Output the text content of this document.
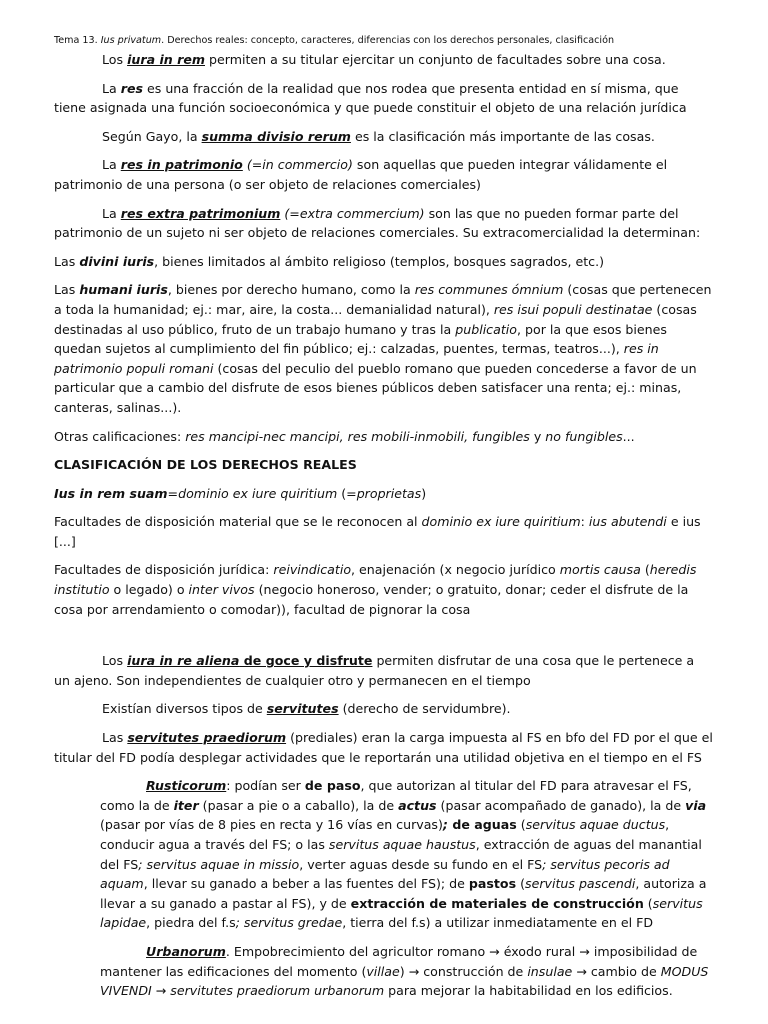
Tema 13. Ius privatum. Derechos reales: concepto, caracteres, diferencias con los derechos personales, clasificación

Los iura in rem permiten a su titular ejercitar un conjunto de facultades sobre una cosa.

La res es una fracción de la realidad que nos rodea que presenta entidad en sí misma, que tiene asignada una función socioeconómica y que puede constituir el objeto de una relación jurídica

Según Gayo, la summa divisio rerum es la clasificación más importante de las cosas.

La res in patrimonio (=in commercio) son aquellas que pueden integrar válidamente el patrimonio de una persona (o ser objeto de relaciones comerciales)

La res extra patrimonium (=extra commercium) son las que no pueden formar parte del patrimonio de un sujeto ni ser objeto de relaciones comerciales. Su extracomercialidad la determinan:

Las divini iuris, bienes limitados al ámbito religioso (templos, bosques sagrados, etc.)

Las humani iuris, bienes por derecho humano, como la res communes ómnium (cosas que pertenecen a toda la humanidad; ej.: mar, aire, la costa... demanialidad natural), res isui populi destinatae (cosas destinadas al uso público, fruto de un trabajo humano y tras la publicatio, por la que esos bienes quedan sujetos al cumplimiento del fin público; ej.: calzadas, puentes, termas, teatros...), res in patrimonio populi romani (cosas del peculio del pueblo romano que pueden concederse a favor de un particular que a cambio del disfrute de esos bienes públicos deben satisfacer una renta; ej.: minas, canteras, salinas...).

Otras calificaciones: res mancipi-nec mancipi, res mobili-inmobili, fungibles y no fungibles...

CLASIFICACIÓN DE LOS DERECHOS REALES

Ius in rem suam=dominio ex iure quiritium (=proprietas)

Facultades de disposición material que se le reconocen al dominio ex iure quiritium: ius abutendi e ius [...]

Facultades de disposición jurídica: reivindicatio, enajenación (x negocio jurídico mortis causa (heredis institutio o legado) o inter vivos (negocio honeroso, vender; o gratuito, donar; ceder el disfrute de la cosa por arrendamiento o comodar)), facultad de pignorar la cosa

Los iura in re aliena de goce y disfrute permiten disfrutar de una cosa que le pertenece a un ajeno. Son independientes de cualquier otro y permanecen en el tiempo

Existían diversos tipos de servitutes (derecho de servidumbre).

Las servitutes praediorum (prediales) eran la carga impuesta al FS en bfo del FD por el que el titular del FD podía desplegar actividades que le reportarán una utilidad objetiva en el tiempo en el FS

Rusticorum: podían ser de paso, que autorizan al titular del FD para atravesar el FS, como la de iter (pasar a pie o a caballo), la de actus (pasar acompañado de ganado), la de via (pasar por vías de 8 pies en recta y 16 vías en curvas); de aguas (servitus aquae ductus, conducir agua a través del FS; o las servitus aquae haustus, extracción de aguas del manantial del FS; servitus aquae in missio, verter aguas desde su fundo en el FS; servitus pecoris ad aquam, llevar su ganado a beber a las fuentes del FS); de pastos (servitus pascendi, autoriza a llevar a su ganado a pastar al FS), y de extracción de materiales de construcción (servitus lapidae, piedra del f.s; servitus gredae, tierra del f.s) a utilizar inmediatamente en el FD

Urbanorum. Empobrecimiento del agricultor romano → éxodo rural → imposibilidad de mantener las edificaciones del momento (villae) → construcción de insulae → cambio de MODUS VIVENDI → servitutes praediorum urbanorum para mejorar la habitabilidad en los edificios.
